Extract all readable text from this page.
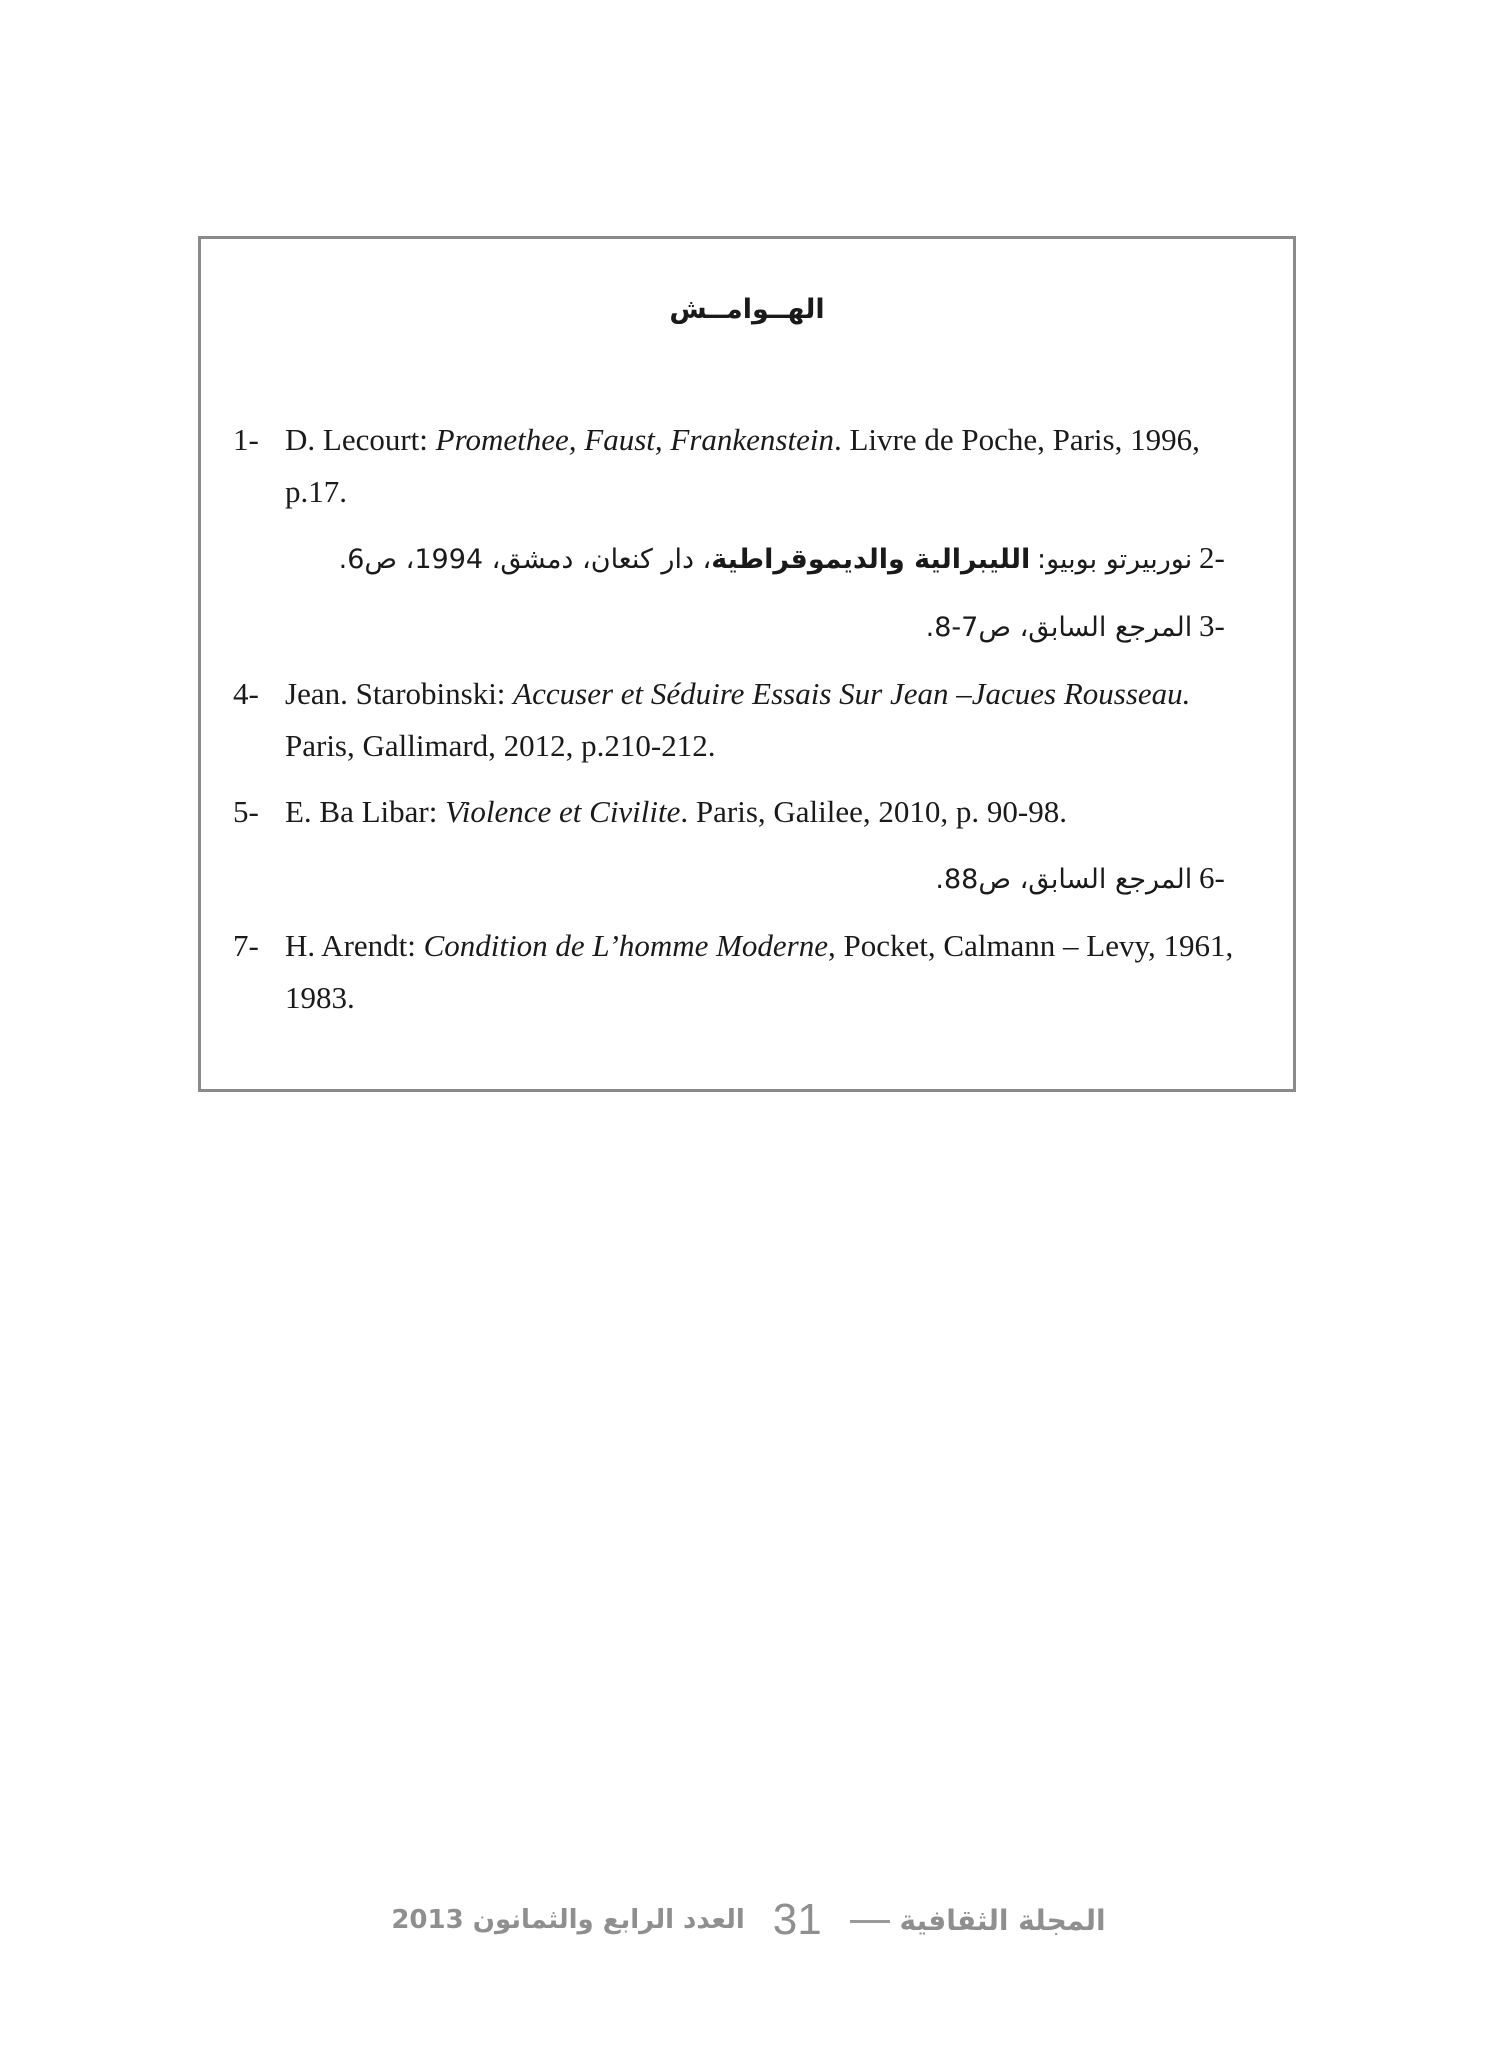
الهــوامــش
1- D. Lecourt: Promethee, Faust, Frankenstein. Livre de Poche, Paris, 1996, p.17.
2- نوربيرتو بوبيو: الليبرالية والديموقراطية، دار كنعان، دمشق، 1994، ص6.
3- المرجع السابق، ص7-8.
4- Jean. Starobinski: Accuser et Séduire Essais Sur Jean –Jacues Rousseau. Paris, Gallimard, 2012, p.210-212.
5- E. Ba Libar: Violence et Civilite. Paris, Galilee, 2010, p. 90-98.
6- المرجع السابق، ص88.
7- H. Arendt: Condition de L’homme Moderne, Pocket, Calmann – Levy, 1961, 1983.
العدد الرابع والثمانون 2013 31	المجلة الثقافية
